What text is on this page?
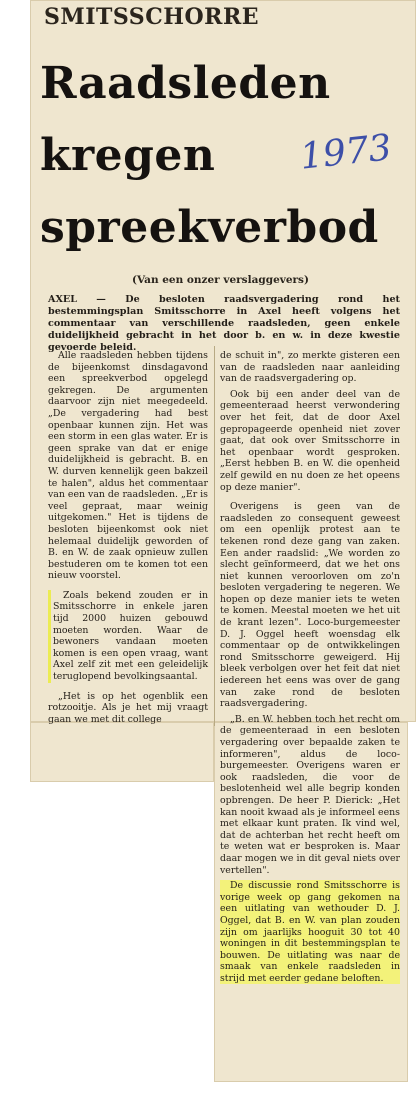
SMITSSCHORRE
Raadsleden
kregen
spreekverbod
1973
(Van een onzer verslaggevers)
AXEL — De besloten raadsvergadering rond het bestemmingsplan Smitsschorre in Axel heeft volgens het commentaar van verschillende raadsleden, geen enkele duidelijkheid gebracht in het door b. en w. in deze kwestie gevoerde beleid.

Alle raadsleden hebben tijdens de bijeenkomst dinsdagavond een spreekverbod opgelegd gekregen. De argumenten daarvoor zijn niet meegedeeld. „De vergadering had best openbaar kunnen zijn. Het was een storm in een glas water. Er is geen sprake van dat er enige duidelijkheid is gebracht. B. en W. durven kennelijk geen bakzeil te halen", aldus het commentaar van een van de raadsleden. „Er is veel gepraat, maar weinig uitgekomen." Het is tijdens de besloten bijeenkomst ook niet helemaal duidelijk geworden of B. en W. de zaak opnieuw zullen bestuderen om te komen tot een nieuw voorstel.

Zoals bekend zouden er in Smitsschorre in enkele jaren tijd 2000 huizen gebouwd moeten worden. Waar de bewoners vandaan moeten komen is een open vraag, want Axel zelf zit met een geleidelijk teruglopend bevolkingsaantal.

„Het is op het ogenblik een rotzooitje. Als je het mij vraagt gaan we met dit college

de schuit in", zo merkte gisteren een van de raadsleden naar aanleiding van de raadsvergadering op.

Ook bij een ander deel van de gemeenteraad heerst verwondering over het feit, dat de door Axel gepropageerde openheid niet zover gaat, dat ook over Smitsschorre in het openbaar wordt gesproken. „Eerst hebben B. en W. die openheid zelf gewild en nu doen ze het opeens op deze manier".

Overigens is geen van de raadsleden zo consequent geweest om een openlijk protest aan te tekenen rond deze gang van zaken. Een ander raadslid: „We worden zo slecht geïnformeerd, dat we het ons niet kunnen veroorloven om zo'n besloten vergadering te negeren. We hopen op deze manier iets te weten te komen. Meestal moeten we het uit de krant lezen". Loco-burgemeester D. J. Oggel heeft woensdag elk commentaar op de ontwikkelingen rond Smitsschorre geweigerd. Hij bleek verbolgen over het feit dat niet iedereen het eens was over de gang van zake rond de besloten raadsvergadering.

„B. en W. hebben toch het recht om de gemeenteraad in een besloten vergadering over bepaalde zaken te informeren", aldus de loco-burgemeester. Overigens waren er ook raadsleden, die voor de beslotenheid wel alle begrip konden opbrengen. De heer P. Dierick: „Het kan nooit kwaad als je informeel eens met elkaar kunt praten. Ik vind wel, dat de achterban het recht heeft om te weten wat er besproken is. Maar daar mogen we in dit geval niets over vertellen".

De discussie rond Smitsschorre is vorige week op gang gekomen na een uitlating van wethouder D. J. Oggel, dat B. en W. van plan zouden zijn om jaarlijks hooguit 30 tot 40 woningen in dit bestemmingsplan te bouwen. De uitlating was naar de smaak van enkele raadsleden in strijd met eerder gedane beloften.
